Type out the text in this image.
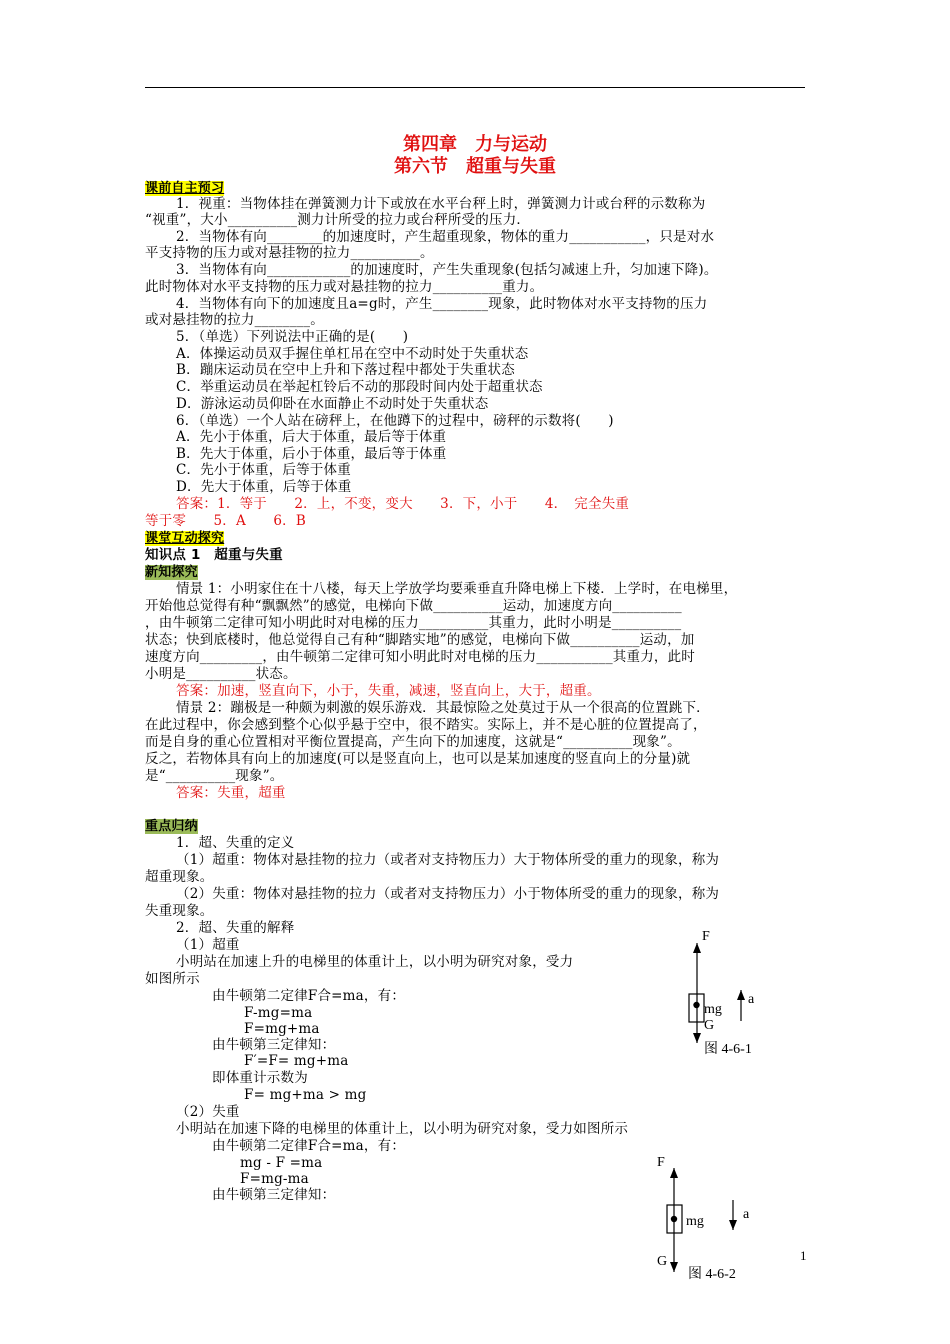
第四章　力与运动
第六节　超重与失重
课前自主预习
1．视重：当物体挂在弹簧测力计下或放在水平台秤上时，弹簧测力计或台秤的示数称为
“视重”，大小__________测力计所受的拉力或台秤所受的压力．
2．当物体有向________的加速度时，产生超重现象，物体的重力___________，只是对水
平支持物的压力或对悬挂物的拉力__________。
3．当物体有向____________的加速度时，产生失重现象(包括匀减速上升，匀加速下降)。
此时物体对水平支持物的压力或对悬挂物的拉力__________重力。
4．当物体有向下的加速度且a=g时，产生________现象，此时物体对水平支持物的压力
或对悬挂物的拉力________。
5．（单选）下列说法中正确的是(　　)
A．体操运动员双手握住单杠吊在空中不动时处于失重状态
B．蹦床运动员在空中上升和下落过程中都处于失重状态
C．举重运动员在举起杠铃后不动的那段时间内处于超重状态
D．游泳运动员仰卧在水面静止不动时处于失重状态
6．（单选）一个人站在磅秤上，在他蹲下的过程中，磅秤的示数将(　　)
A．先小于体重，后大于体重，最后等于体重
B．先大于体重，后小于体重，最后等于体重
C．先小于体重，后等于体重
D．先大于体重，后等于体重
答案：1．等于　　2．上，不变，变大　　3．下，小于　　4．　完全失重
等于零　　5．A　　6．B
课堂互动探究
知识点 1　超重与失重
新知探究
情景 1：小明家住在十八楼，每天上学放学均要乘垂直升降电梯上下楼．上学时，在电梯里，
开始他总觉得有种“飘飘然”的感觉，电梯向下做__________运动，加速度方向__________
，由牛顿第二定律可知小明此时对电梯的压力__________其重力，此时小明是__________
状态；快到底楼时，他总觉得自己有种“脚踏实地”的感觉，电梯向下做__________运动，加
速度方向_________，由牛顿第二定律可知小明此时对电梯的压力___________其重力，此时
小明是__________状态。
答案：加速，竖直向下，小于，失重，减速，竖直向上，大于，超重。
情景 2：蹦极是一种颇为刺激的娱乐游戏．其最惊险之处莫过于从一个很高的位置跳下．
在此过程中，你会感到整个心似乎悬于空中，很不踏实。实际上，并不是心脏的位置提高了，
而是自身的重心位置相对平衡位置提高，产生向下的加速度，这就是“__________现象”。
反之，若物体具有向上的加速度(可以是竖直向上，也可以是某加速度的竖直向上的分量)就
是“__________现象”。
答案：失重，超重
重点归纳
1．超、失重的定义
（1）超重：物体对悬挂物的拉力（或者对支持物压力）大于物体所受的重力的现象，称为
超重现象。
（2）失重：物体对悬挂物的拉力（或者对支持物压力）小于物体所受的重力的现象，称为
失重现象。
2．超、失重的解释
（1）超重
小明站在加速上升的电梯里的体重计上，以小明为研究对象，受力
如图所示
由牛顿第二定律F合=ma，有：
F-mg=ma
F=mg+ma
由牛顿第三定律知：
F′=F= mg+ma
即体重计示数为
F= mg+ma > mg
（2）失重
小明站在加速下降的电梯里的体重计上，以小明为研究对象，受力如图所示
由牛顿第二定律F合=ma，有：
mg - F =ma
F=mg-ma
由牛顿第三定律知：
F
mg
G
a
图 4-6-1
F
mg
G
a
图 4-6-2
1
